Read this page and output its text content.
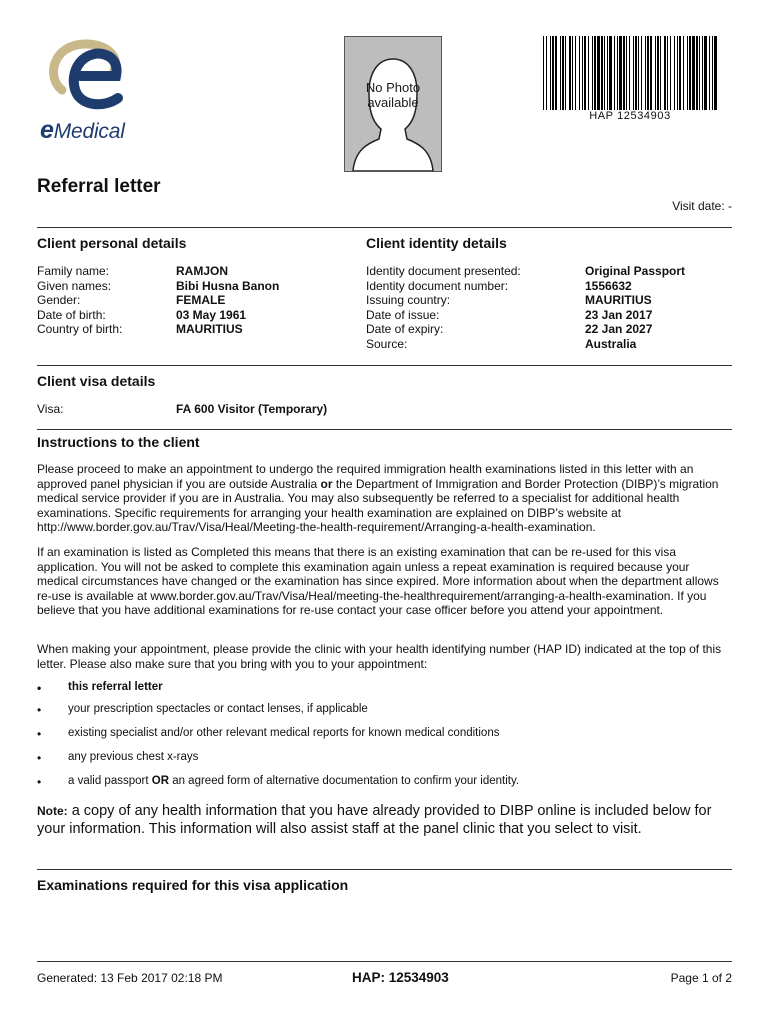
eMedical
No Photo
available
HAP 12534903
Referral letter
Visit date: -
Client personal details
Family name:	RAMJON
Given names:	Bibi Husna Banon
Gender:	FEMALE
Date of birth:	03 May 1961
Country of birth:	MAURITIUS
Client identity details
Identity document presented:	Original Passport
Identity document number:	1556632
Issuing country:	MAURITIUS
Date of issue:	23 Jan 2017
Date of expiry:	22 Jan 2027
Source:	Australia
Client visa details
Visa:	FA 600 Visitor (Temporary)
Instructions to the client

Please proceed to make an appointment to undergo the required immigration health examinations listed in this letter with an approved panel physician if you are outside Australia or the Department of Immigration and Border Protection (DIBP)’s migration medical service provider if you are in Australia. You may also subsequently be referred to a specialist for additional health examinations. Specific requirements for arranging your health examination are explained on DIBP’s website at http://www.border.gov.au/Trav/Visa/Heal/Meeting-the-health-requirement/Arranging-a-health-examination.

If an examination is listed as Completed this means that there is an existing examination that can be re-used for this visa application. You will not be asked to complete this examination again unless a repeat examination is required because your medical circumstances have changed or the examination has since expired. More information about when the department allows re-use is available at www.border.gov.au/Trav/Visa/Heal/meeting-the-healthrequirement/arranging-a-health-examination. If you believe that you have additional examinations for re-use contact your case officer before you attend your appointment.

When making your appointment, please provide the clinic with your health identifying number (HAP ID) indicated at the top of this letter. Please also make sure that you bring with you to your appointment:

• this referral letter
• your prescription spectacles or contact lenses, if applicable
• existing specialist and/or other relevant medical reports for known medical conditions
• any previous chest x-rays
• a valid passport OR an agreed form of alternative documentation to confirm your identity.

Note: a copy of any health information that you have already provided to DIBP online is included below for your information. This information will also assist staff at the panel clinic that you select to visit.

Examinations required for this visa application
Generated: 13 Feb 2017 02:18 PM	HAP: 12534903	Page 1 of 2
